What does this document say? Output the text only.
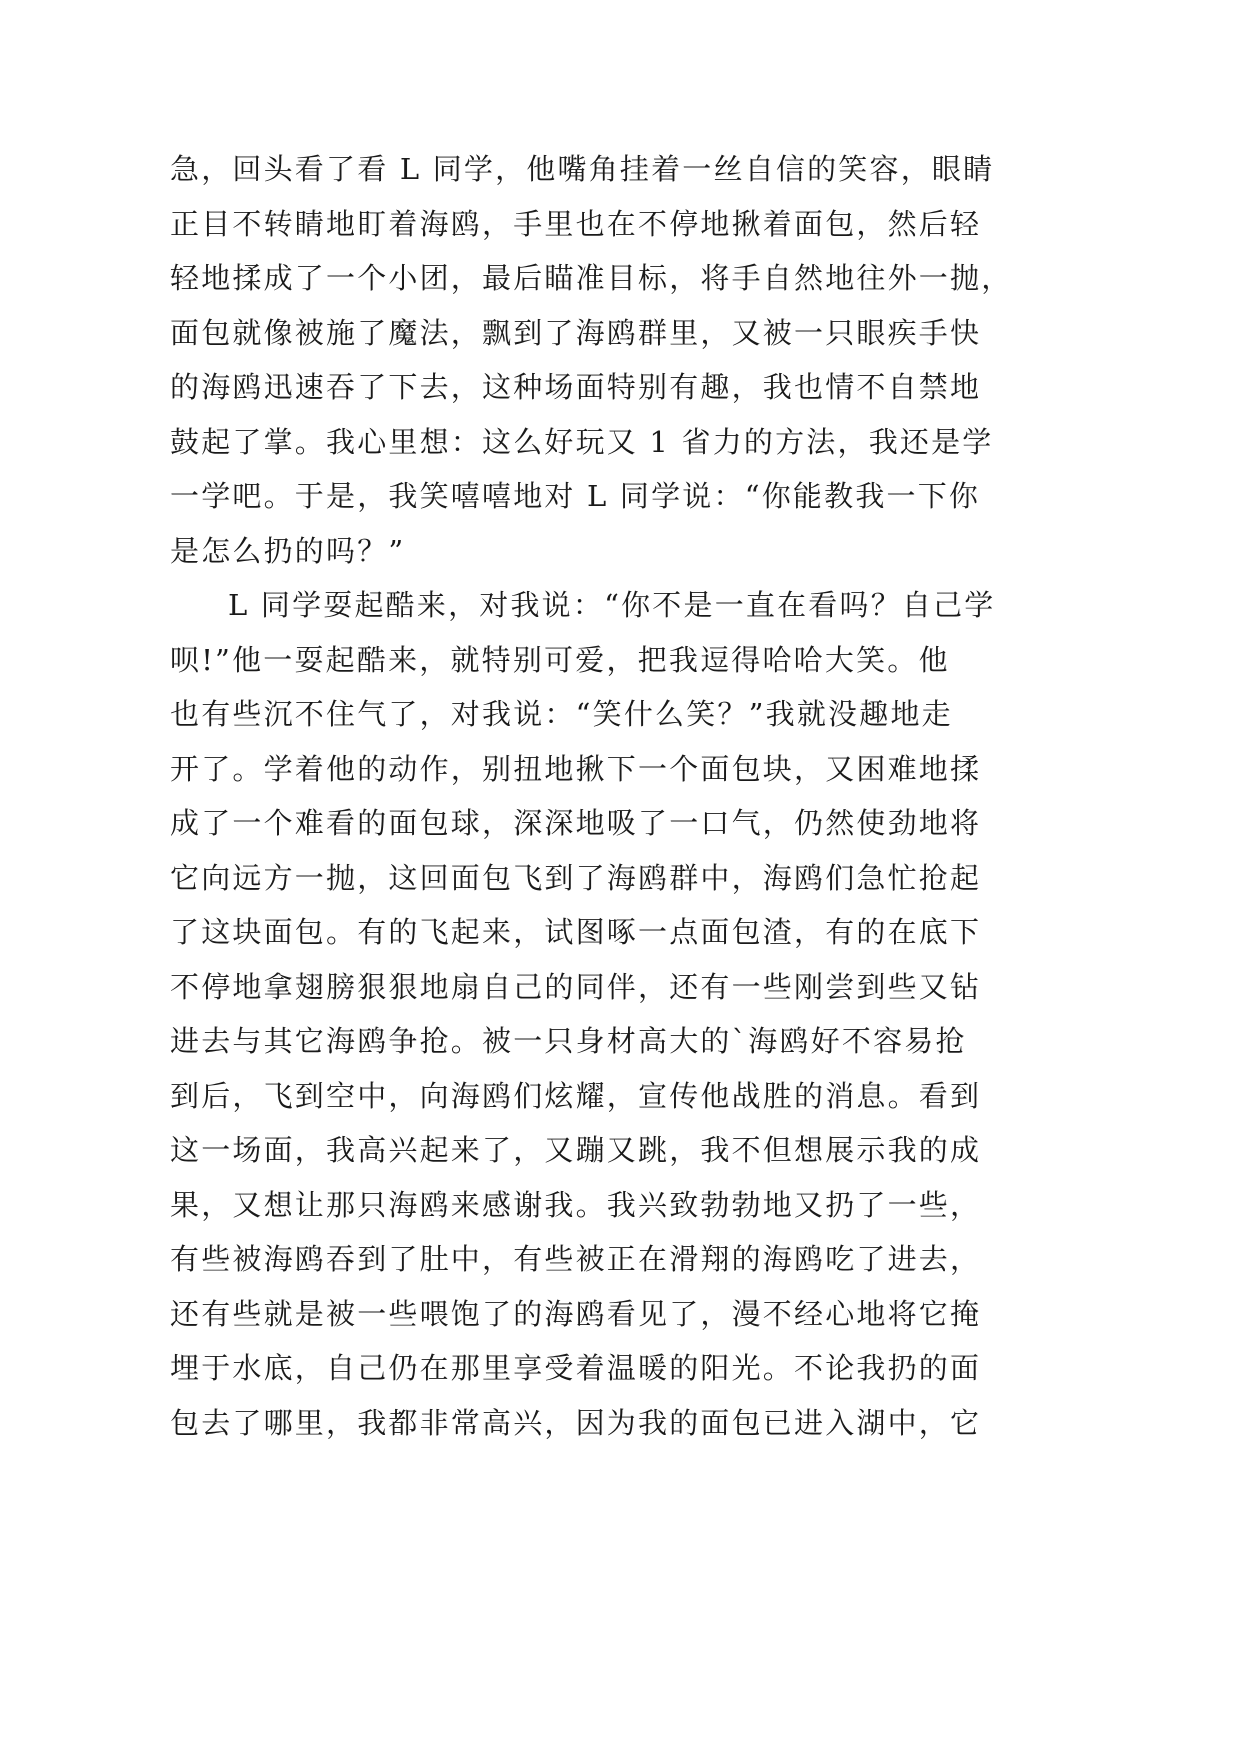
急，回头看了看 L 同学，他嘴角挂着一丝自信的笑容，眼睛
正目不转睛地盯着海鸥，手里也在不停地揪着面包，然后轻
轻地揉成了一个小团，最后瞄准目标，将手自然地往外一抛，
面包就像被施了魔法，飘到了海鸥群里，又被一只眼疾手快
的海鸥迅速吞了下去，这种场面特别有趣，我也情不自禁地
鼓起了掌。我心里想：这么好玩又 1 省力的方法，我还是学
一学吧。于是，我笑嘻嘻地对 L 同学说：“你能教我一下你
是怎么扔的吗？”
L 同学耍起酷来，对我说：“你不是一直在看吗？自己学
呗!”他一耍起酷来，就特别可爱，把我逗得哈哈大笑。他
也有些沉不住气了，对我说：“笑什么笑？”我就没趣地走
开了。学着他的动作，别扭地揪下一个面包块，又困难地揉
成了一个难看的面包球，深深地吸了一口气，仍然使劲地将
它向远方一抛，这回面包飞到了海鸥群中，海鸥们急忙抢起
了这块面包。有的飞起来，试图啄一点面包渣，有的在底下
不停地拿翅膀狠狠地扇自己的同伴，还有一些刚尝到些又钻
进去与其它海鸥争抢。被一只身材高大的`海鸥好不容易抢
到后，飞到空中，向海鸥们炫耀，宣传他战胜的消息。看到
这一场面，我高兴起来了，又蹦又跳，我不但想展示我的成
果，又想让那只海鸥来感谢我。我兴致勃勃地又扔了一些，
有些被海鸥吞到了肚中，有些被正在滑翔的海鸥吃了进去，
还有些就是被一些喂饱了的海鸥看见了，漫不经心地将它掩
埋于水底，自己仍在那里享受着温暖的阳光。不论我扔的面
包去了哪里，我都非常高兴，因为我的面包已进入湖中，它
